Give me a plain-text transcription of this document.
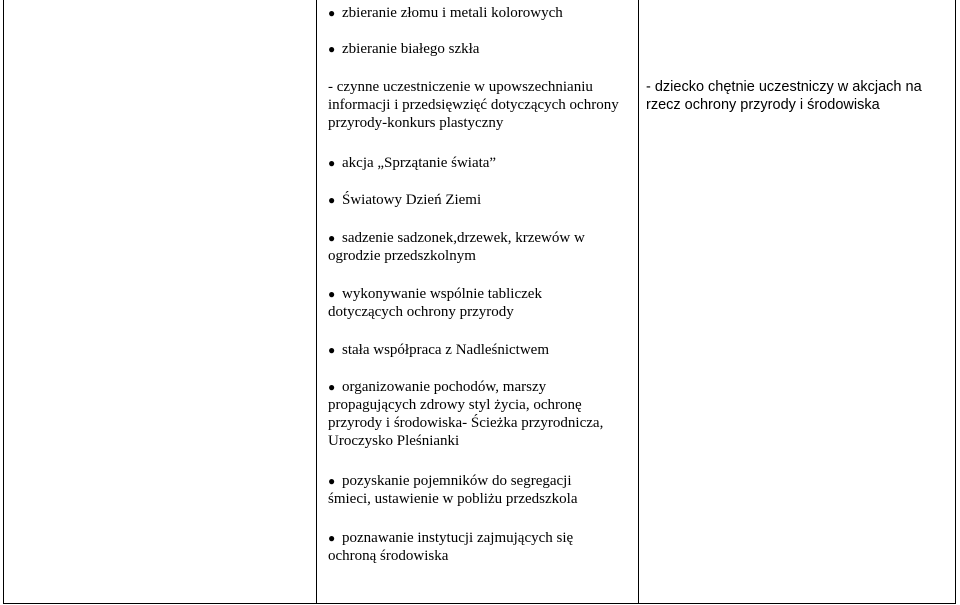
● zbieranie złomu i metali kolorowych
● zbieranie białego szkła
- czynne uczestniczenie w upowszechnianiu informacji i przedsięwzięć dotyczących ochrony przyrody-konkurs plastyczny
● akcja „Sprzątanie świata”
● Światowy Dzień Ziemi
● sadzenie sadzonek,drzewek, krzewów w ogrodzie przedszkolnym
● wykonywanie wspólnie tabliczek dotyczących ochrony przyrody
● stała współpraca z Nadleśnictwem
● organizowanie pochodów, marszy propagujących zdrowy styl życia, ochronę przyrody i środowiska- Ścieżka przyrodnicza, Uroczysko Pleśnianki
● pozyskanie pojemników do segregacji śmieci, ustawienie w pobliżu przedszkola
● poznawanie instytucji zajmujących się ochroną środowiska
- dziecko chętnie uczestniczy w akcjach na rzecz ochrony przyrody i środowiska
